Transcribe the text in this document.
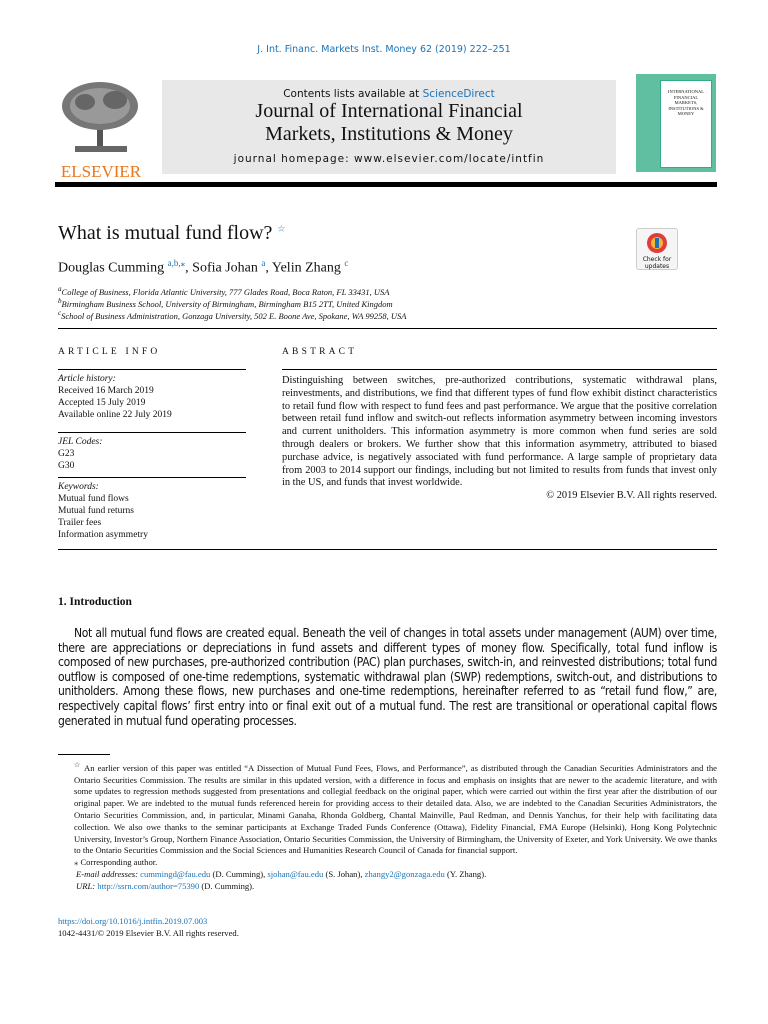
J. Int. Financ. Markets Inst. Money 62 (2019) 222–251
ELSEVIER
Contents lists available at ScienceDirect
Journal of International Financial
Markets, Institutions & Money
journal homepage: www.elsevier.com/locate/intfin
INTERNATIONAL FINANCIAL MARKETS, INSTITUTIONS & MONEY
What is mutual fund flow? ☆
Check for updates
Douglas Cumming $^{a,b,⁎}$, Sofia Johan $^a$, Yelin Zhang $^c$
$^a$College of Business, Florida Atlantic University, 777 Glades Road, Boca Raton, FL 33431, USA
$^b$Birmingham Business School, University of Birmingham, Birmingham B15 2TT, United Kingdom
$^c$School of Business Administration, Gonzaga University, 502 E. Boone Ave, Spokane, WA 99258, USA
ARTICLE INFO
Article history:
Received 16 March 2019
Accepted 15 July 2019
Available online 22 July 2019
JEL Codes:
G23
G30
Keywords:
Mutual fund flows
Mutual fund returns
Trailer fees
Information asymmetry
ABSTRACT
Distinguishing between switches, pre-authorized contributions, systematic withdrawal plans, reinvestments, and distributions, we find that different types of fund flow exhibit distinct characteristics to retail fund flow with respect to fund fees and past performance. We argue that the positive correlation between retail fund inflow and switch-out reflects information asymmetry between incoming investors and current unitholders. This information asymmetry is more common when fund series are sold through dealers or brokers. We further show that this information asymmetry, attributed to biased purchase advice, is negatively associated with fund performance. A large sample of proprietary data from 2003 to 2014 support our findings, including but not limited to results from funds that invest only in the US, and funds that invest worldwide.
© 2019 Elsevier B.V. All rights reserved.
1. Introduction
Not all mutual fund flows are created equal. Beneath the veil of changes in total assets under management (AUM) over time, there are appreciations or depreciations in fund assets and different types of money flow. Specifically, total fund inflow is composed of new purchases, pre-authorized contribution (PAC) plan purchases, switch-in, and reinvested distributions; total fund outflow is composed of one-time redemptions, systematic withdrawal plan (SWP) redemptions, switch-out, and distributions to unitholders. Among these flows, new purchases and one-time redemptions, hereinafter referred to as “retail fund flow,” are, respectively capital flows’ first entry into or final exit out of a mutual fund. The rest are transitional or operational capital flows generated in mutual fund operating processes.
☆ An earlier version of this paper was entitled “A Dissection of Mutual Fund Fees, Flows, and Performance”, as distributed through the Canadian Securities Administrators and the Ontario Securities Commission. The results are similar in this updated version, with a difference in focus and emphasis on insights that are newer to the academic literature, and with some updates to regression methods suggested from presentations and collegial feedback on the original paper, which were carried out within the first year after the distribution of our original paper. We are indebted to the mutual funds referenced herein for providing access to their detailed data. Also, we are indebted to the Canadian Securities Administrators, the Ontario Securities Commission, and, in particular, Minami Ganaha, Rhonda Goldberg, Chantal Mainville, Paul Redman, and Dennis Yanchus, for their help with facilitating data collection. We also owe thanks to the seminar participants at Exchange Traded Funds Conference (Ottawa), Fidelity Financial, FMA Europe (Helsinki), Hong Kong Polytechnic University, Investor’s Group, Northern Finance Association, Ontario Securities Commission, the University of Birmingham, the University of Exeter, and York University. We owe thanks to the Ontario Securities Commission and the Social Sciences and Humanities Research Council of Canada for financial support.
⁎ Corresponding author.
E-mail addresses: cummingd@fau.edu (D. Cumming), sjohan@fau.edu (S. Johan), zhangy2@gonzaga.edu (Y. Zhang).
URL: http://ssrn.com/author=75390 (D. Cumming).
https://doi.org/10.1016/j.intfin.2019.07.003
1042-4431/© 2019 Elsevier B.V. All rights reserved.
